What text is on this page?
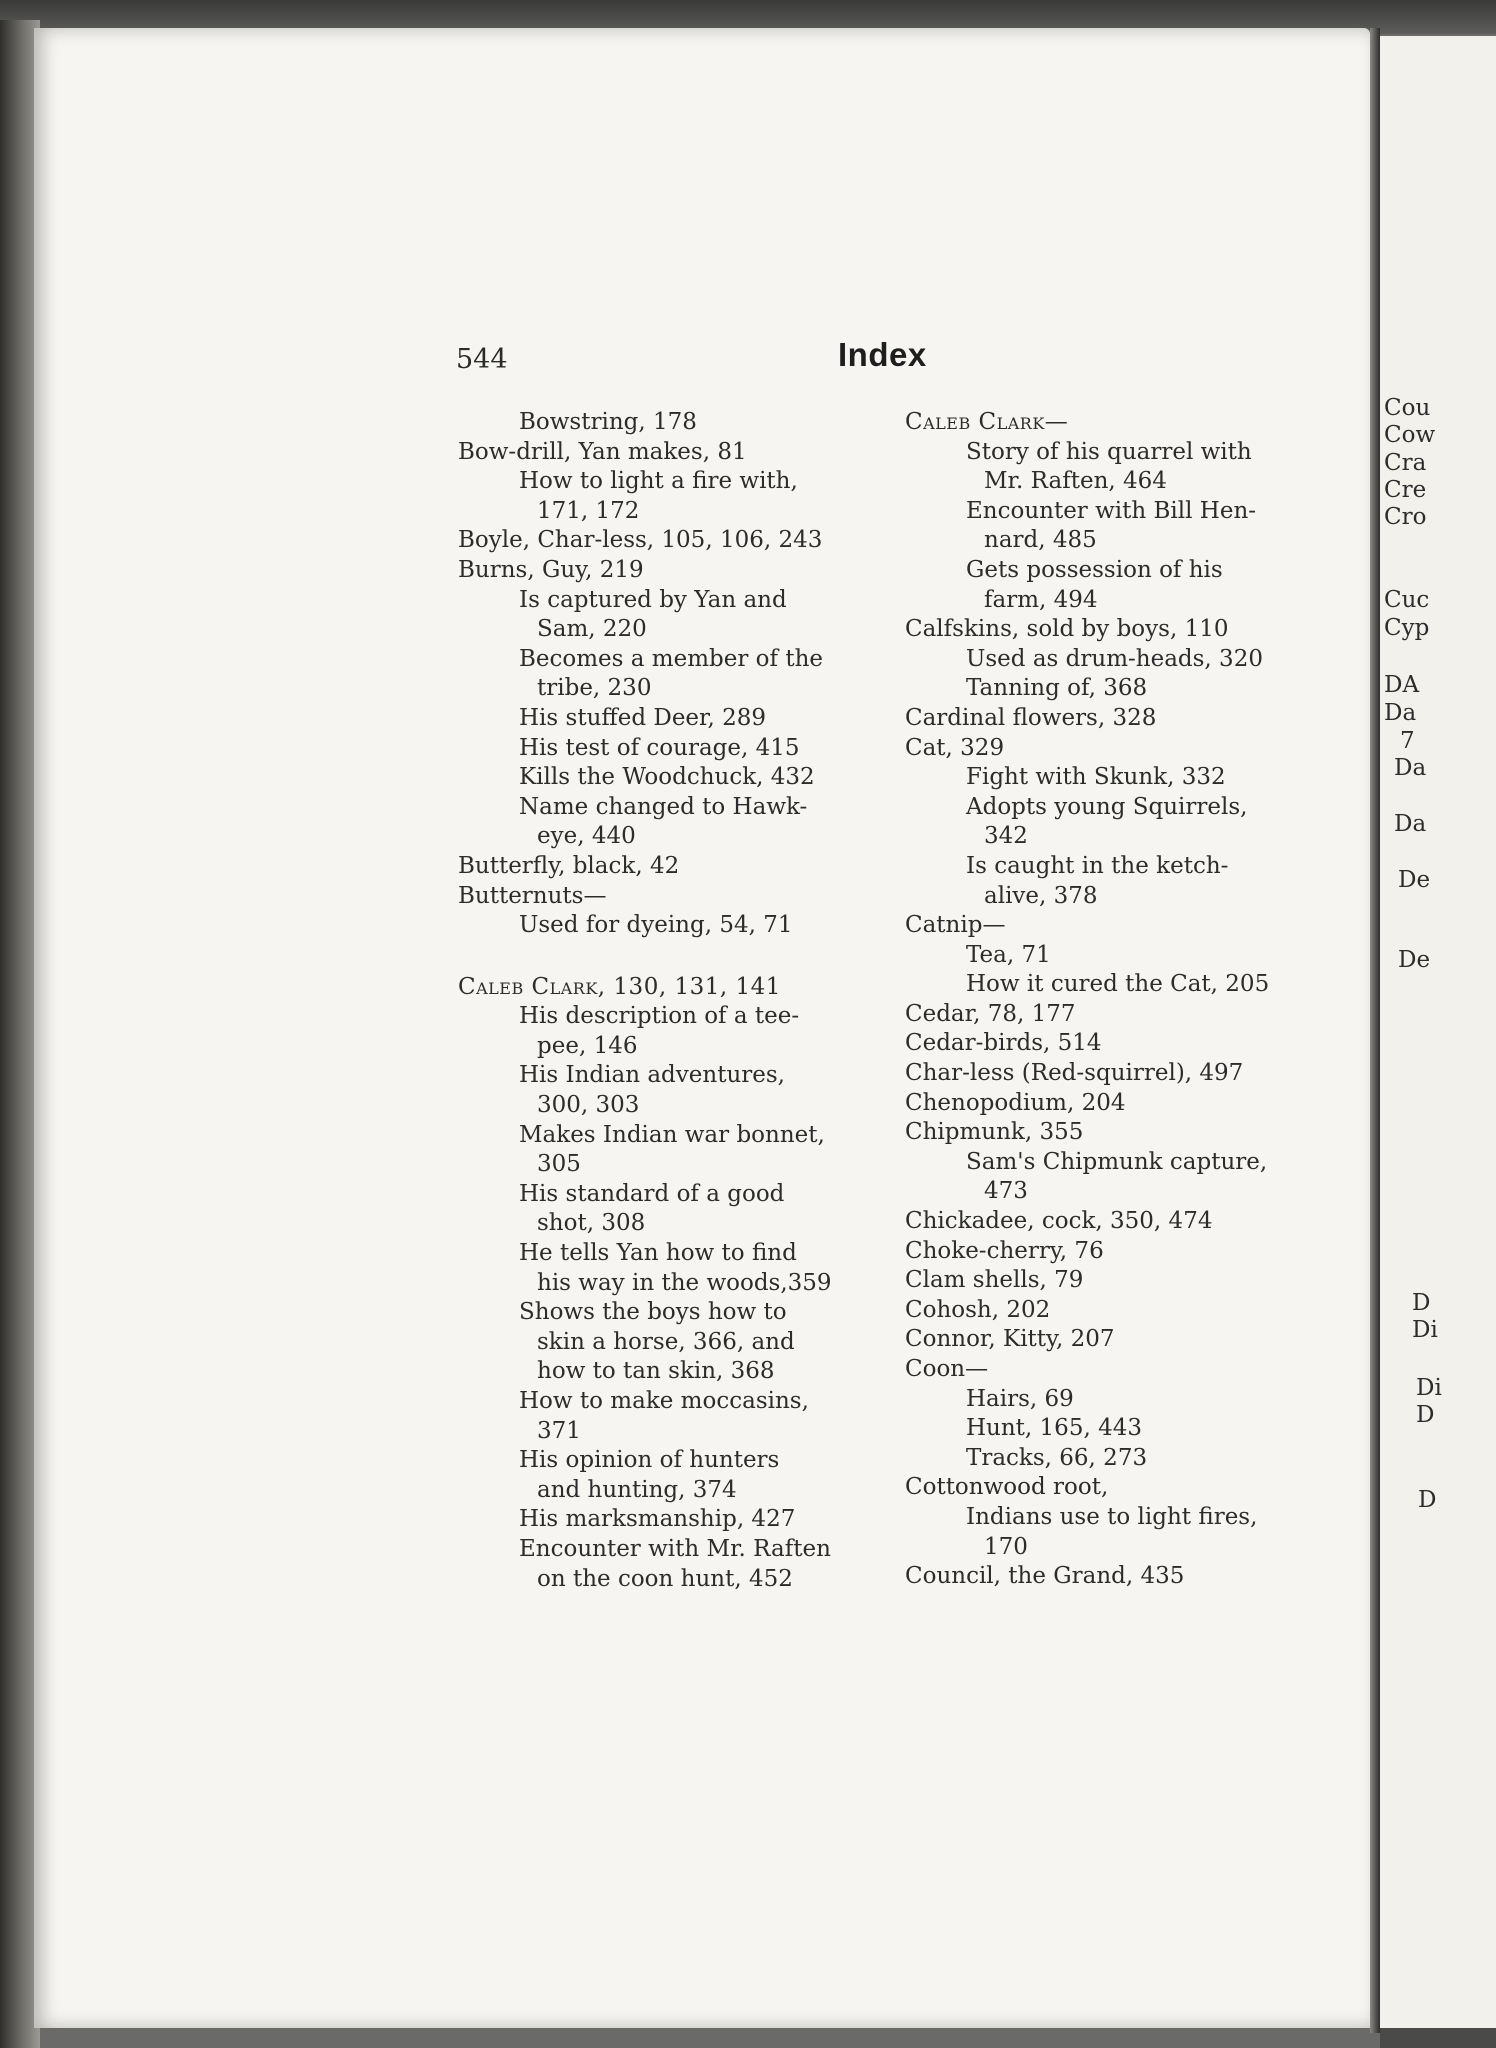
Cou
Cow
Cra
Cre
Cro
Cuc
Cyp
DA
Da
7
Da
Da
De
De
D
Di
Di
D
D
544	Index
Bowstring, 178
Bow-drill, Yan makes, 81
How to light a fire with,
171, 172
Boyle, Char-less, 105, 106, 243
Burns, Guy, 219
Is captured by Yan and
Sam, 220
Becomes a member of the
tribe, 230
His stuffed Deer, 289
His test of courage, 415
Kills the Woodchuck, 432
Name changed to Hawk-
eye, 440
Butterfly, black, 42
Butternuts—
Used for dyeing, 54, 71
Caleb Clark, 130, 131, 141
His description of a tee-
pee, 146
His Indian adventures,
300, 303
Makes Indian war bonnet,
305
His standard of a good
shot, 308
He tells Yan how to find
his way in the woods,359
Shows the boys how to
skin a horse, 366, and
how to tan skin, 368
How to make moccasins,
371
His opinion of hunters
and hunting, 374
His marksmanship, 427
Encounter with Mr. Raften
on the coon hunt, 452
Caleb Clark—
Story of his quarrel with
Mr. Raften, 464
Encounter with Bill Hen-
nard, 485
Gets possession of his
farm, 494
Calfskins, sold by boys, 110
Used as drum-heads, 320
Tanning of, 368
Cardinal flowers, 328
Cat, 329
Fight with Skunk, 332
Adopts young Squirrels,
342
Is caught in the ketch-
alive, 378
Catnip—
Tea, 71
How it cured the Cat, 205
Cedar, 78, 177
Cedar-birds, 514
Char-less (Red-squirrel), 497
Chenopodium, 204
Chipmunk, 355
Sam's Chipmunk capture,
473
Chickadee, cock, 350, 474
Choke-cherry, 76
Clam shells, 79
Cohosh, 202
Connor, Kitty, 207
Coon—
Hairs, 69
Hunt, 165, 443
Tracks, 66, 273
Cottonwood root,
Indians use to light fires,
170
Council, the Grand, 435
